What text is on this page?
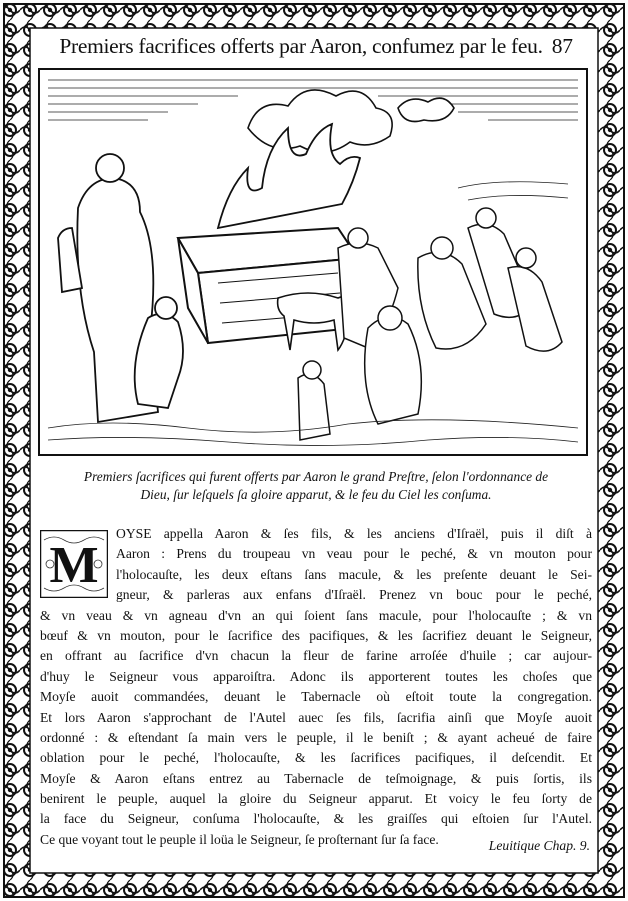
Premiers facrifices offerts par Aaron, confumez par le feu. 87
Premiers ſacrifices qui furent offerts par Aaron le grand Preſtre, ſelon l'ordonnance de
Dieu, ſur leſquels ſa gloire apparut, & le feu du Ciel les conſuma.
M
OYSE appella Aaron & ſes fils, & les anciens d'Iſraël, puis il diſt à
Aaron : Prens du troupeau vn veau pour le peché, & vn mouton pour
l'holocauſte, les deux eſtans ſans macule, & les preſente deuant le Sei-
gneur, & parleras aux enfans d'Iſraël. Prenez vn bouc pour le peché,
& vn veau & vn agneau d'vn an qui ſoient ſans macule, pour l'holocauſte ; & vn
bœuf & vn mouton, pour le ſacrifice des pacifiques, & les ſacrifiez deuant le Seigneur,
en offrant au ſacrifice d'vn chacun la fleur de farine arroſée d'huile ; car aujour-
d'huy le Seigneur vous apparoiſtra. Adonc ils apporterent toutes les choſes que
Moyſe auoit commandées, deuant le Tabernacle où eſtoit toute la congregation.
Et lors Aaron s'approchant de l'Autel auec ſes fils, ſacrifia ainſi que Moyſe auoit
ordonné : & eſtendant ſa main vers le peuple, il le beniſt ; & ayant acheué de faire
oblation pour le peché, l'holocauſte, & les ſacrifices pacifiques, il deſcendit. Et
Moyſe & Aaron eſtans entrez au Tabernacle de teſmoignage, & puis ſortis, ils
benirent le peuple, auquel la gloire du Seigneur apparut. Et voicy le feu ſorty de
la face du Seigneur, conſuma l'holocauſte, & les graiſſes qui eſtoien ſur l'Autel.
Ce que voyant tout le peuple il loüa le Seigneur, ſe proſternant ſur ſa face.	Leuitique Chap. 9.
